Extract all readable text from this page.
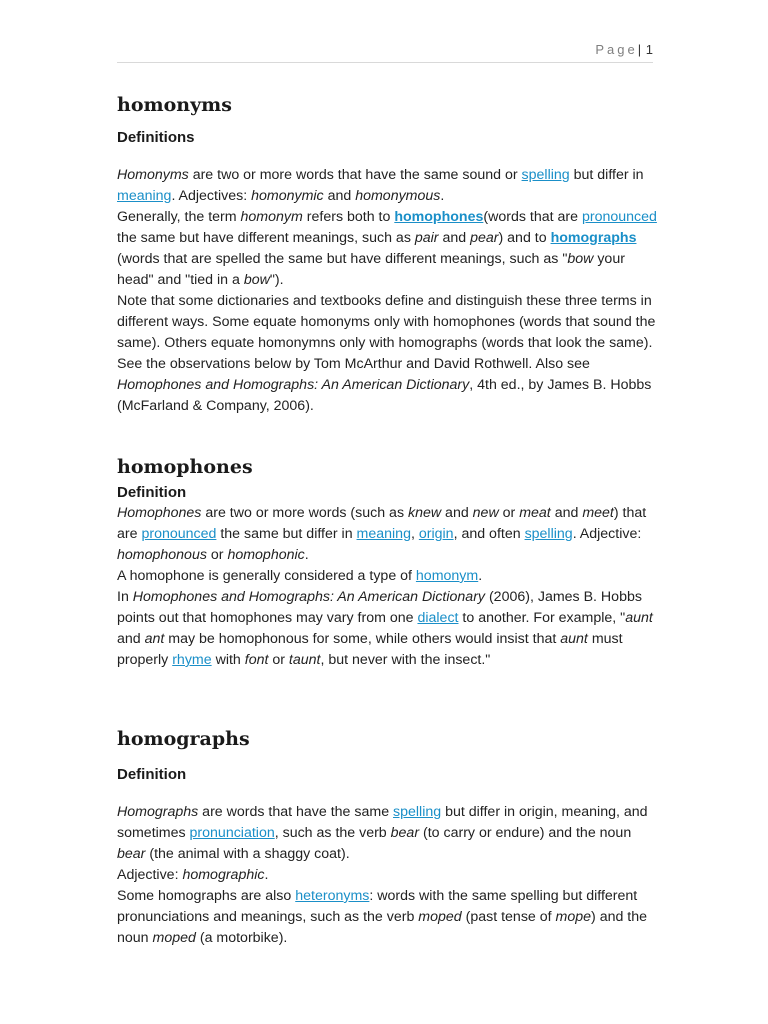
Page| 1
homonyms
Definitions

Homonyms are two or more words that have the same sound or spelling but differ in meaning. Adjectives: homonymic and homonymous.

Generally, the term homonym refers both to homophones(words that are pronounced the same but have different meanings, such as pair and pear) and to homographs (words that are spelled the same but have different meanings, such as "bow your head" and "tied in a bow").

Note that some dictionaries and textbooks define and distinguish these three terms in different ways. Some equate homonyms only with homophones (words that sound the same). Others equate homonymns only with homographs (words that look the same). See the observations below by Tom McArthur and David Rothwell. Also see Homophones and Homographs: An American Dictionary, 4th ed., by James B. Hobbs (McFarland & Company, 2006).

homophones
Definition

Homophones are two or more words (such as knew and new or meat and meet) that are pronounced the same but differ in meaning, origin, and often spelling. Adjective: homophonous or homophonic.

A homophone is generally considered a type of homonym.

In Homophones and Homographs: An American Dictionary (2006), James B. Hobbs points out that homophones may vary from one dialect to another. For example, "aunt and ant may be homophonous for some, while others would insist that aunt must properly rhyme with font or taunt, but never with the insect."

homographs
Definition

Homographs are words that have the same spelling but differ in origin, meaning, and sometimes pronunciation, such as the verb bear (to carry or endure) and the noun bear (the animal with a shaggy coat).

Adjective: homographic.

Some homographs are also heteronyms: words with the same spelling but different pronunciations and meanings, such as the verb moped (past tense of mope) and the noun moped (a motorbike).
